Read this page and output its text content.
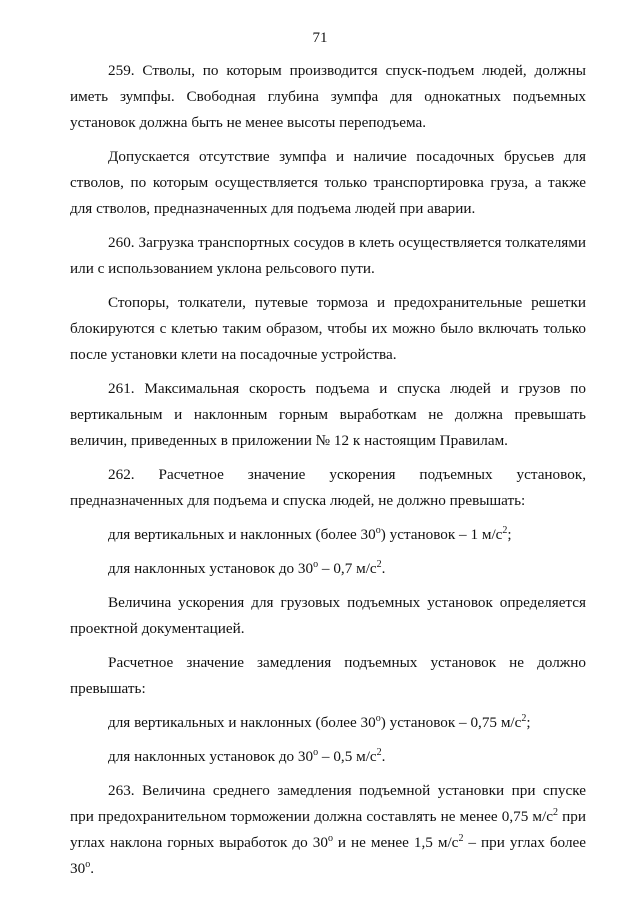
71

259. Стволы, по которым производится спуск-подъем людей, должны иметь зумпфы. Свободная глубина зумпфа для однокатных подъемных установок должна быть не менее высоты переподъема.

Допускается отсутствие зумпфа и наличие посадочных брусьев для стволов, по которым осуществляется только транспортировка груза, а также для стволов, предназначенных для подъема людей при аварии.

260. Загрузка транспортных сосудов в клеть осуществляется толкателями или с использованием уклона рельсового пути.

Стопоры, толкатели, путевые тормоза и предохранительные решетки блокируются с клетью таким образом, чтобы их можно было включать только после установки клети на посадочные устройства.

261. Максимальная скорость подъема и спуска людей и грузов по вертикальным и наклонным горным выработкам не должна превышать величин, приведенных в приложении № 12 к настоящим Правилам.

262. Расчетное значение ускорения подъемных установок, предназначенных для подъема и спуска людей, не должно превышать:

для вертикальных и наклонных (более $30^о$) установок – 1 $м/с^2$;

для наклонных установок до $30^о - 0,7$ $м/с^2$.

Величина ускорения для грузовых подъемных установок определяется проектной документацией.

Расчетное значение замедления подъемных установок не должно превышать:

для вертикальных и наклонных (более $30^о$) установок – 0,75 $м/с^2$;

для наклонных установок до $30^о - 0,5$ $м/с^2$.

263. Величина среднего замедления подъемной установки при спуске при предохранительном торможении должна составлять не менее 0,75 $м/с^2$ при углах наклона горных выработок до $30^о$ и не менее 1,5 $м/с^2$ – при углах более $30^о$.
